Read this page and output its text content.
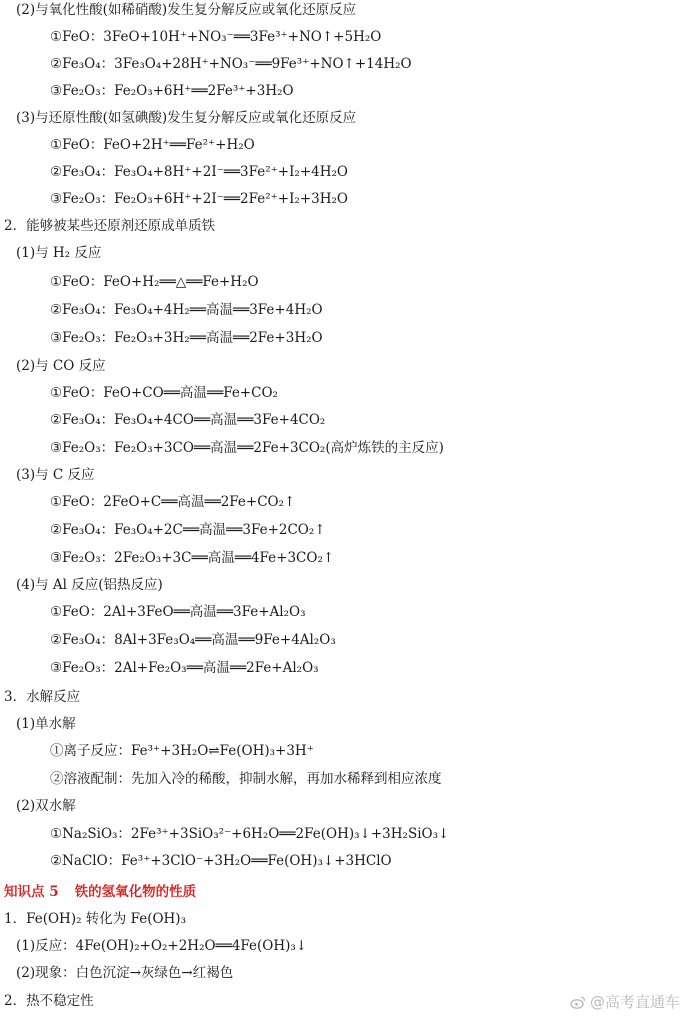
(2)与氧化性酸(如稀硝酸)发生复分解反应或氧化还原反应
①FeO：3FeO+10H⁺+NO₃⁻══3Fe³⁺+NO↑+5H₂O
②Fe₃O₄：3Fe₃O₄+28H⁺+NO₃⁻══9Fe³⁺+NO↑+14H₂O
③Fe₂O₃：Fe₂O₃+6H⁺══2Fe³⁺+3H₂O
(3)与还原性酸(如氢碘酸)发生复分解反应或氧化还原反应
①FeO：FeO+2H⁺══Fe²⁺+H₂O
②Fe₃O₄：Fe₃O₄+8H⁺+2I⁻══3Fe²⁺+I₂+4H₂O
③Fe₂O₃：Fe₂O₃+6H⁺+2I⁻══2Fe²⁺+I₂+3H₂O
2．能够被某些还原剂还原成单质铁
(1)与 H₂ 反应
①FeO：FeO+H₂══△══Fe+H₂O
②Fe₃O₄：Fe₃O₄+4H₂══高温══3Fe+4H₂O
③Fe₂O₃：Fe₂O₃+3H₂══高温══2Fe+3H₂O
(2)与 CO 反应
①FeO：FeO+CO══高温══Fe+CO₂
②Fe₃O₄：Fe₃O₄+4CO══高温══3Fe+4CO₂
③Fe₂O₃：Fe₂O₃+3CO══高温══2Fe+3CO₂(高炉炼铁的主反应)
(3)与 C 反应
①FeO：2FeO+C══高温══2Fe+CO₂↑
②Fe₃O₄：Fe₃O₄+2C══高温══3Fe+2CO₂↑
③Fe₂O₃：2Fe₂O₃+3C══高温══4Fe+3CO₂↑
(4)与 Al 反应(铝热反应)
①FeO：2Al+3FeO══高温══3Fe+Al₂O₃
②Fe₃O₄：8Al+3Fe₃O₄══高温══9Fe+4Al₂O₃
③Fe₂O₃：2Al+Fe₂O₃══高温══2Fe+Al₂O₃
3．水解反应
(1)单水解
①离子反应：Fe³⁺+3H₂O⇌Fe(OH)₃+3H⁺
②溶液配制：先加入冷的稀酸，抑制水解，再加水稀释到相应浓度
(2)双水解
①Na₂SiO₃：2Fe³⁺+3SiO₃²⁻+6H₂O══2Fe(OH)₃↓+3H₂SiO₃↓
②NaClO：Fe³⁺+3ClO⁻+3H₂O══Fe(OH)₃↓+3HClO
知识点 5 铁的氢氧化物的性质
1．Fe(OH)₂ 转化为 Fe(OH)₃
(1)反应：4Fe(OH)₂+O₂+2H₂O══4Fe(OH)₃↓
(2)现象：白色沉淀→灰绿色→红褐色
2．热不稳定性	@高考直通车
